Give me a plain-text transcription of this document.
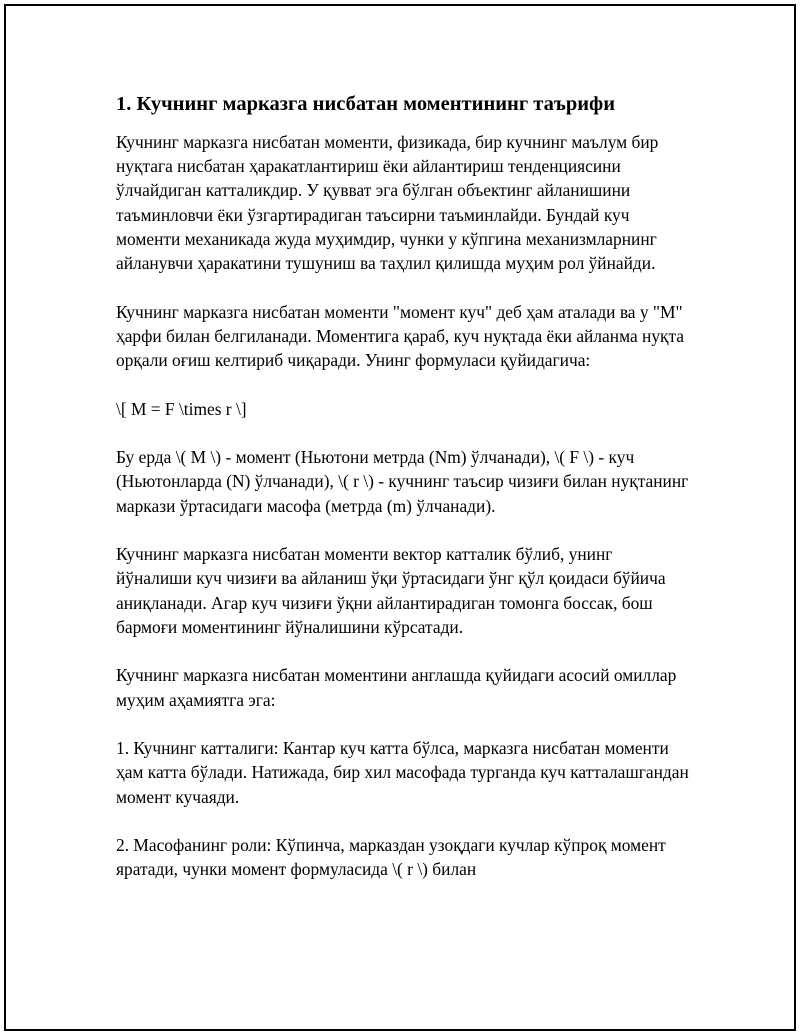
1. Кучнинг марказга нисбатан моментининг таърифи

Кучнинг марказга нисбатан моменти, физикада, бир кучнинг маълум бир нуқтага нисбатан ҳаракатлантириш ёки айлантириш тенденциясини ўлчайдиган катталикдир. У қувват эга бўлган объектинг айланишини таъминловчи ёки ўзгартирадиган таъсирни таъминлайди. Бундай куч моменти механикада жуда муҳимдир, чунки у кўпгина механизмларнинг айланувчи ҳаракатини тушуниш ва таҳлил қилишда муҳим рол ўйнайди.

Кучнинг марказга нисбатан моменти "момент куч" деб ҳам аталади ва у "М" ҳарфи билан белгиланади. Моментига қараб, куч нуқтада ёки айланма нуқта орқали оғиш келтириб чиқаради. Унинг формуласи қуйидагича:

\[ M = F \times r \]

Бу ерда \( M \) - момент (Ньютони метрда (Nm) ўлчанади), \( F \) - куч (Ньютонларда (N) ўлчанади), \( r \) - кучнинг таъсир чизиғи билан нуқтанинг маркази ўртасидаги масофа (метрда (m) ўлчанади).

Кучнинг марказга нисбатан моменти вектор катталик бўлиб, унинг йўналиши куч чизиғи ва айланиш ўқи ўртасидаги ўнг қўл қоидаси бўйича аниқланади. Агар куч чизиғи ўқни айлантирадиган томонга боссак, бош бармоғи моментининг йўналишини кўрсатади.

Кучнинг марказга нисбатан моментини англашда қуйидаги асосий омиллар муҳим аҳамиятга эга:

1. Кучнинг катталиги: Кантар куч катта бўлса, марказга нисбатан моменти ҳам катта бўлади. Натижада, бир хил масофада турганда куч катталашгандан момент кучаяди.

2. Масофанинг роли: Кўпинча, марказдан узоқдаги кучлар кўпроқ момент яратади, чунки момент формуласида \( r \) билан
